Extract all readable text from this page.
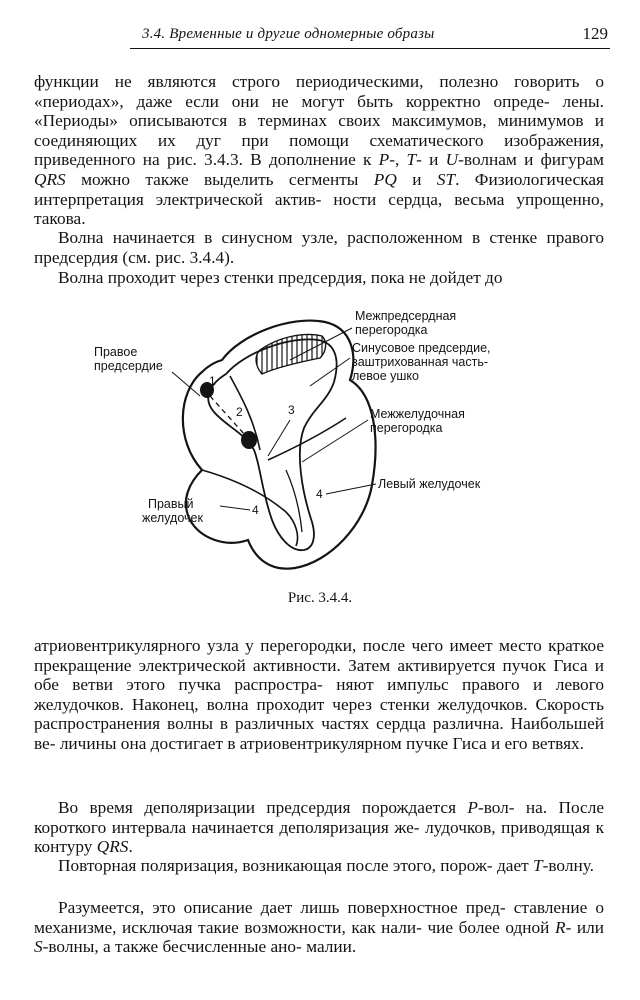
3.4. Временные и другие одномерные образы	129
функции не являются строго периодическими, полезно говорить о «периодах», даже если они не могут быть корректно опреде- лены. «Периоды» описываются в терминах своих максимумов, минимумов и соединяющих их дуг при помощи схематического изображения, приведенного на рис. 3.4.3. В дополнение к P-, T- и U-волнам и фигурам QRS можно также выделить сегменты PQ и ST. Физиологическая интерпретация электрической актив- ности сердца, весьма упрощенно, такова.
Волна начинается в синусном узле, расположенном в стенке правого предсердия (см. рис. 3.4.4).
Волна проходит через стенки предсердия, пока не дойдет до
1
2	3
4
4
Правое
предсердие
Межпредсердная
перегородка
Синусовое предсердие,
заштрихованная часть-
левое ушко
Межжелудочная
перегородка
Левый желудочек
Правый
желудочек
Рис. 3.4.4.
атриовентрикулярного узла у перегородки, после чего имеет место краткое прекращение электрической активности. Затем активируется пучок Гиса и обе ветви этого пучка распростра- няют импульс правого и левого желудочков. Наконец, волна проходит через стенки желудочков. Скорость распространения волны в различных частях сердца различна. Наибольшей ве- личины она достигает в атриовентрикулярном пучке Гиса и его ветвях.
Во время деполяризации предсердия порождается P-вол- на. После короткого интервала начинается деполяризация же- лудочков, приводящая к контуру QRS.
Повторная поляризация, возникающая после этого, порож- дает T-волну.
Разумеется, это описание дает лишь поверхностное пред- ставление о механизме, исключая такие возможности, как нали- чие более одной R- или S-волны, а также бесчисленные ано- малии.
